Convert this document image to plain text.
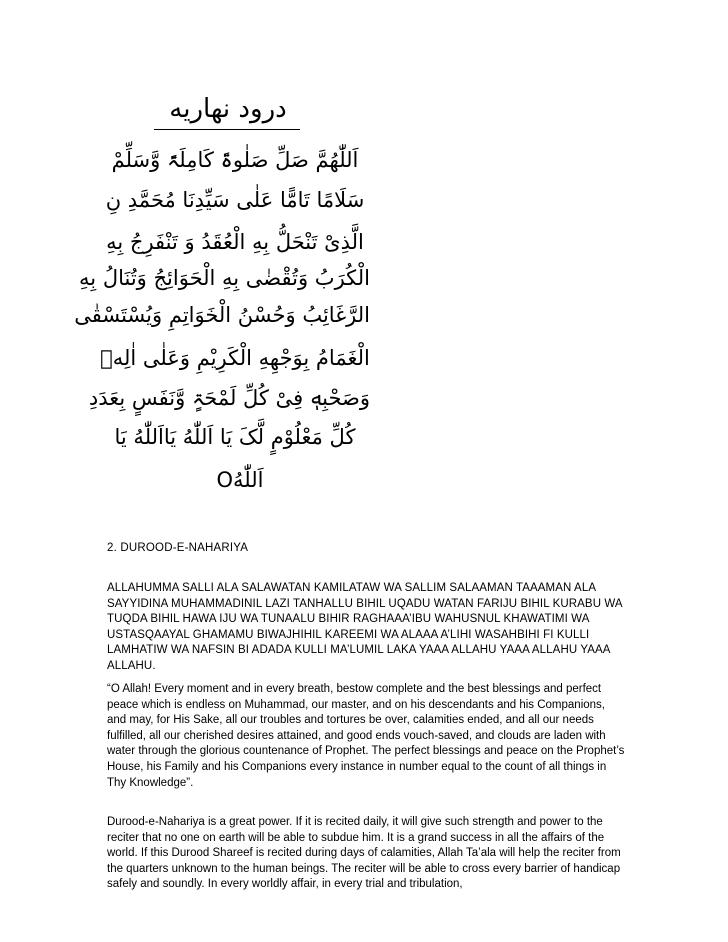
درود نهاریه
اَللّٰهُمَّ صَلِّ صَلٰوۃً کَامِلَۃً وَّسَلِّمْ
سَلَامًا تَامًّا عَلٰی سَیِّدِنَا مُحَمَّدِ نِ
الَّذِیْ تَنْحَلُّ بِهِ الْعُقَدُ وَ تَنْفَرِجُ بِهِ
الْکُرَبُ وَتُقْضٰی بِهِ الْحَوَائِجُ وَتُنَالُ بِهِ
الرَّغَائِبُ وَحُسْنُ الْخَوَاتِمِ وَیُسْتَسْقٰی
الْغَمَامُ بِوَجْهِهِ الْکَرِیْمِ وَعَلٰی اٰلِهٖ
وَصَحْبِهٖ فِیْ کُلِّ لَمْحَۃٍ وَّنَفَسٍ بِعَدَدِ
کُلِّ مَعْلُوْمٍ لَّکَ یَا اَللّٰهُ یَااَللّٰهُ یَا
اَللّٰهُO
2. DUROOD-E-NAHARIYA

ALLAHUMMA SALLI ALA SALAWATAN KAMILATAW WA SALLIM SALAAMAN TAAAMAN ALA SAYYIDINA MUHAMMADINIL LAZI TANHALLU BIHIL UQADU WATAN FARIJU BIHIL KURABU WA TUQDA BIHIL HAWA IJU WA TUNAALU BIHIR RAGHAAA’IBU WAHUSNUL KHAWATIMI WA USTASQAAYAL GHAMAMU BIWAJHIHIL KAREEMI WA ALAAA A’LIHI WASAHBIHI FI KULLI LAMHATIW WA NAFSIN BI ADADA KULLI MA’LUMIL LAKA YAAA ALLAHU YAAA ALLAHU YAAA ALLAHU.

“O Allah! Every moment and in every breath, bestow complete and the best blessings and perfect peace which is endless on Muhammad, our master, and on his descendants and his Companions, and may, for His Sake, all our troubles and tortures be over, calamities ended, and all our needs fulfilled, all our cherished desires attained, and good ends vouch-saved, and clouds are laden with water through the glorious countenance of Prophet. The perfect blessings and peace on the Prophet’s House, his Family and his Companions every instance in number equal to the count of all things in Thy Knowledge”.

Durood-e-Nahariya is a great power. If it is recited daily, it will give such strength and power to the reciter that no one on earth will be able to subdue him. It is a grand success in all the affairs of the world. If this Durood Shareef is recited during days of calamities, Allah Ta’ala will help the reciter from the quarters unknown to the human beings. The reciter will be able to cross every barrier of handicap safely and soundly. In every worldly affair, in every trial and tribulation,
